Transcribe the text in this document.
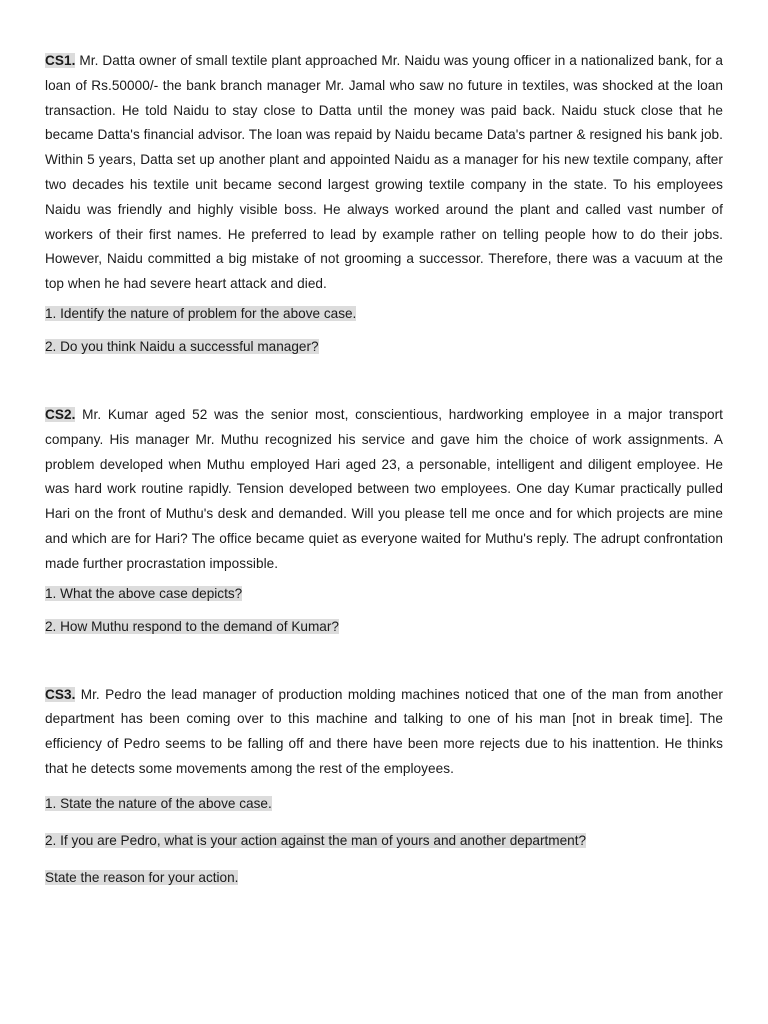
CS1. Mr. Datta owner of small textile plant approached Mr. Naidu was young officer in a nationalized bank, for a loan of Rs.50000/- the bank branch manager Mr. Jamal who saw no future in textiles, was shocked at the loan transaction. He told Naidu to stay close to Datta until the money was paid back. Naidu stuck close that he became Datta's financial advisor. The loan was repaid by Naidu became Data's partner & resigned his bank job. Within 5 years, Datta set up another plant and appointed Naidu as a manager for his new textile company, after two decades his textile unit became second largest growing textile company in the state. To his employees Naidu was friendly and highly visible boss. He always worked around the plant and called vast number of workers of their first names. He preferred to lead by example rather on telling people how to do their jobs. However, Naidu committed a big mistake of not grooming a successor. Therefore, there was a vacuum at the top when he had severe heart attack and died.

1. Identify the nature of problem for the above case.

2. Do you think Naidu a successful manager?

CS2. Mr. Kumar aged 52 was the senior most, conscientious, hardworking employee in a major transport company. His manager Mr. Muthu recognized his service and gave him the choice of work assignments. A problem developed when Muthu employed Hari aged 23, a personable, intelligent and diligent employee. He was hard work routine rapidly. Tension developed between two employees. One day Kumar practically pulled Hari on the front of Muthu's desk and demanded. Will you please tell me once and for which projects are mine and which are for Hari? The office became quiet as everyone waited for Muthu's reply. The adrupt confrontation made further procrastation impossible.

1. What the above case depicts?

2. How Muthu respond to the demand of Kumar?

CS3. Mr. Pedro the lead manager of production molding machines noticed that one of the man from another department has been coming over to this machine and talking to one of his man [not in break time]. The efficiency of Pedro seems to be falling off and there have been more rejects due to his inattention. He thinks that he detects some movements among the rest of the employees.

1. State the nature of the above case.

2. If you are Pedro, what is your action against the man of yours and another department?

State the reason for your action.
